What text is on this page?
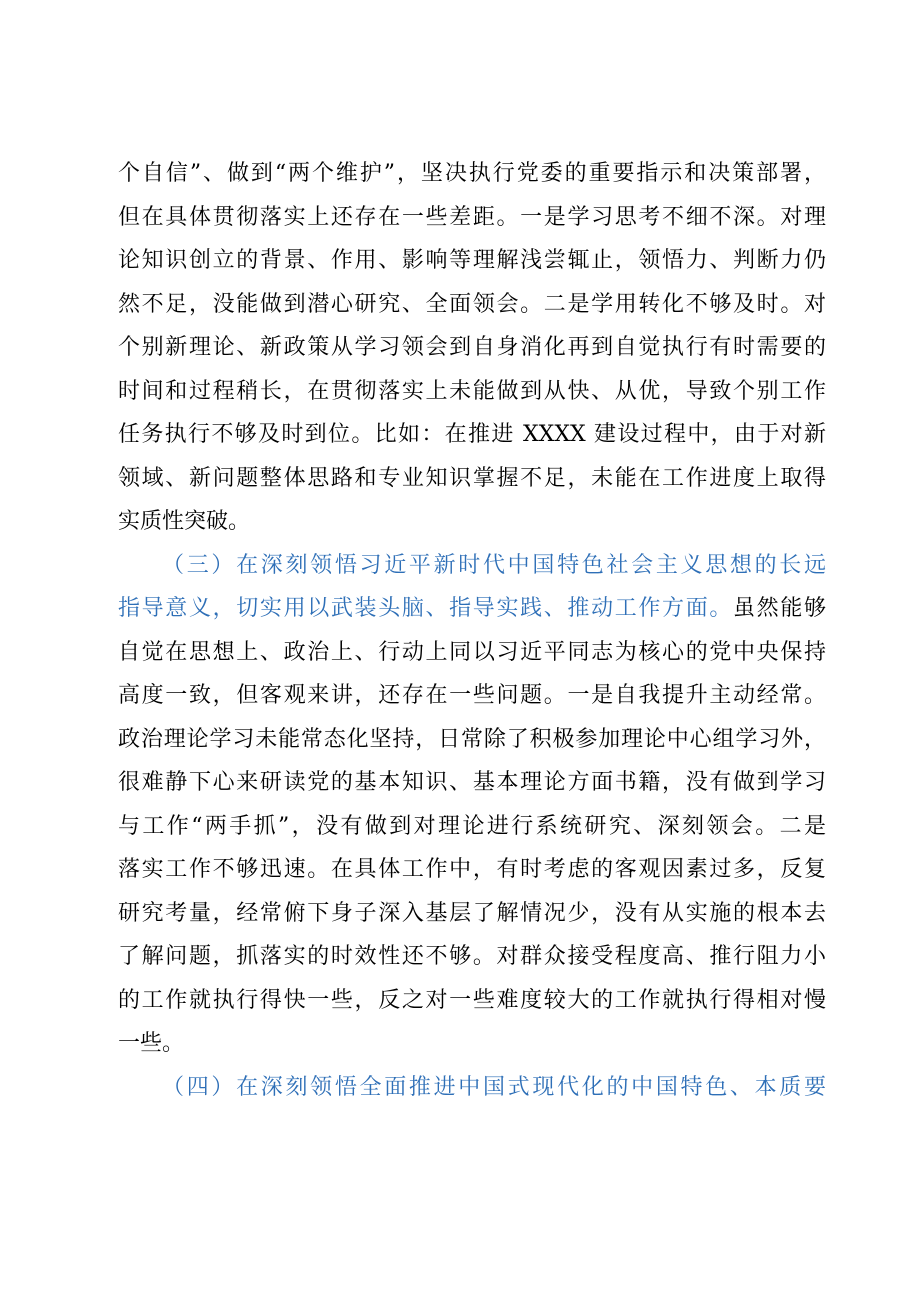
个自信”、做到“两个维护”，坚决执行党委的重要指示和决策部署，
但在具体贯彻落实上还存在一些差距。一是学习思考不细不深。对理
论知识创立的背景、作用、影响等理解浅尝辄止，领悟力、判断力仍
然不足，没能做到潜心研究、全面领会。二是学用转化不够及时。对
个别新理论、新政策从学习领会到自身消化再到自觉执行有时需要的
时间和过程稍长，在贯彻落实上未能做到从快、从优，导致个别工作
任务执行不够及时到位。比如：在推进 XXXX 建设过程中，由于对新
领域、新问题整体思路和专业知识掌握不足，未能在工作进度上取得
实质性突破。
（三）在深刻领悟习近平新时代中国特色社会主义思想的长远
指导意义，切实用以武装头脑、指导实践、推动工作方面。虽然能够
自觉在思想上、政治上、行动上同以习近平同志为核心的党中央保持
高度一致，但客观来讲，还存在一些问题。一是自我提升主动经常。
政治理论学习未能常态化坚持，日常除了积极参加理论中心组学习外，
很难静下心来研读党的基本知识、基本理论方面书籍，没有做到学习
与工作“两手抓”，没有做到对理论进行系统研究、深刻领会。二是
落实工作不够迅速。在具体工作中，有时考虑的客观因素过多，反复
研究考量，经常俯下身子深入基层了解情况少，没有从实施的根本去
了解问题，抓落实的时效性还不够。对群众接受程度高、推行阻力小
的工作就执行得快一些，反之对一些难度较大的工作就执行得相对慢
一些。
（四）在深刻领悟全面推进中国式现代化的中国特色、本质要
